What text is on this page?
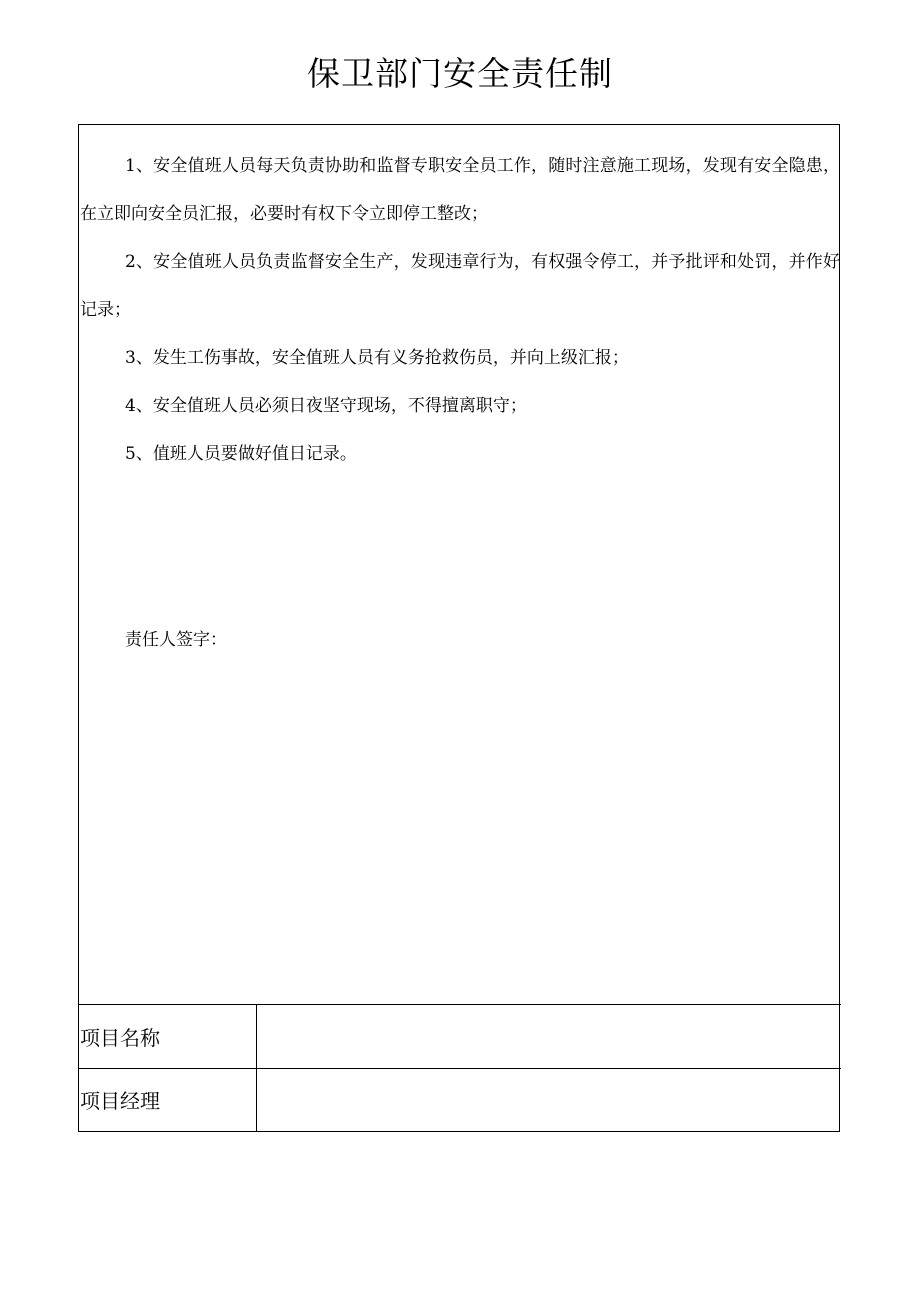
保卫部门安全责任制
1、安全值班人员每天负责协助和监督专职安全员工作，随时注意施工现场，发现有安全隐患，在立即向安全员汇报，必要时有权下令立即停工整改；
2、安全值班人员负责监督安全生产，发现违章行为，有权强令停工，并予批评和处罚，并作好记录；
3、发生工伤事故，安全值班人员有义务抢救伤员，并向上级汇报；
4、安全值班人员必须日夜坚守现场，不得擅离职守；
5、值班人员要做好值日记录。

责任人签字：

项目名称	
项目经理	
